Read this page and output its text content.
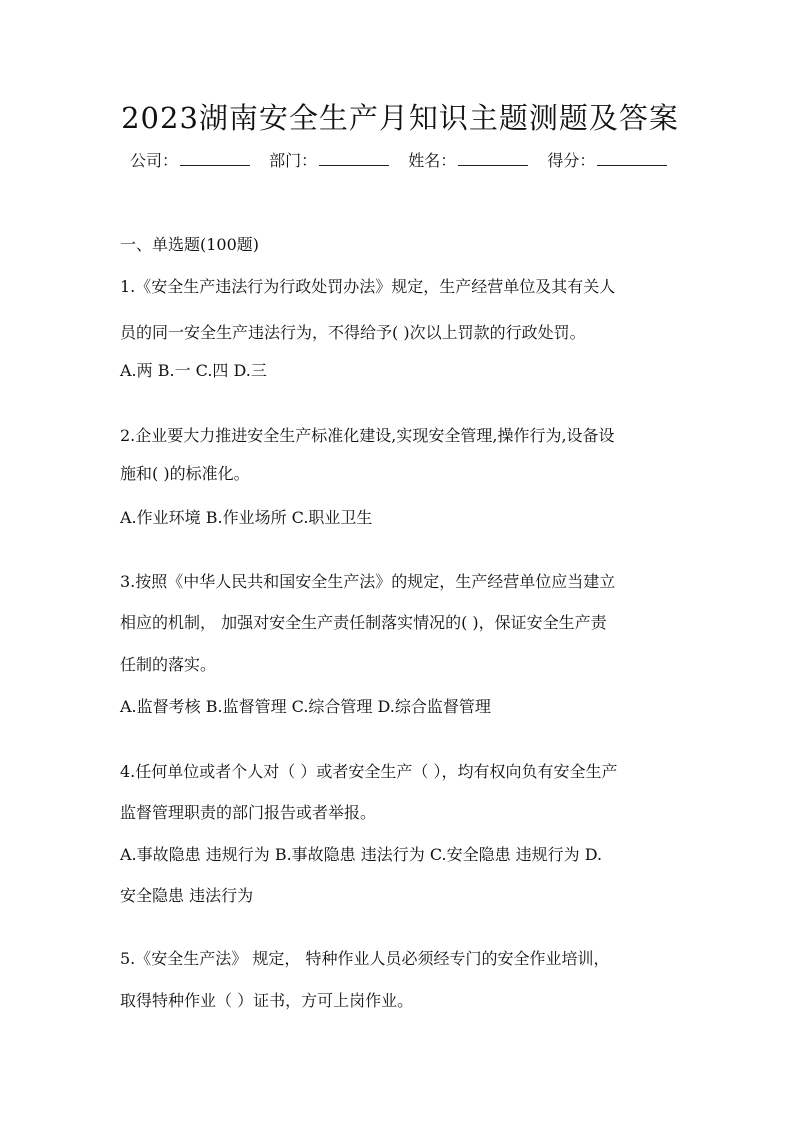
2023湖南安全生产月知识主题测题及答案
公司：	部门：	姓名：	得分：
一、单选题(100题)
1.《安全生产违法行为行政处罚办法》规定，生产经营单位及其有关人
员的同一安全生产违法行为，不得给予( )次以上罚款的行政处罚。
A.两 B.一 C.四 D.三
2.企业要大力推进安全生产标准化建设,实现安全管理,操作行为,设备设
施和( )的标准化。
A.作业环境 B.作业场所 C.职业卫生
3.按照《中华人民共和国安全生产法》的规定，生产经营单位应当建立
相应的机制， 加强对安全生产责任制落实情况的( )，保证安全生产责
任制的落实。
A.监督考核 B.监督管理 C.综合管理 D.综合监督管理
4.任何单位或者个人对（ ）或者安全生产（ ），均有权向负有安全生产
监督管理职责的部门报告或者举报。
A.事故隐患 违规行为 B.事故隐患 违法行为 C.安全隐患 违规行为 D.
安全隐患 违法行为
5.《安全生产法》 规定， 特种作业人员必须经专门的安全作业培训，
取得特种作业（ ）证书，方可上岗作业。
